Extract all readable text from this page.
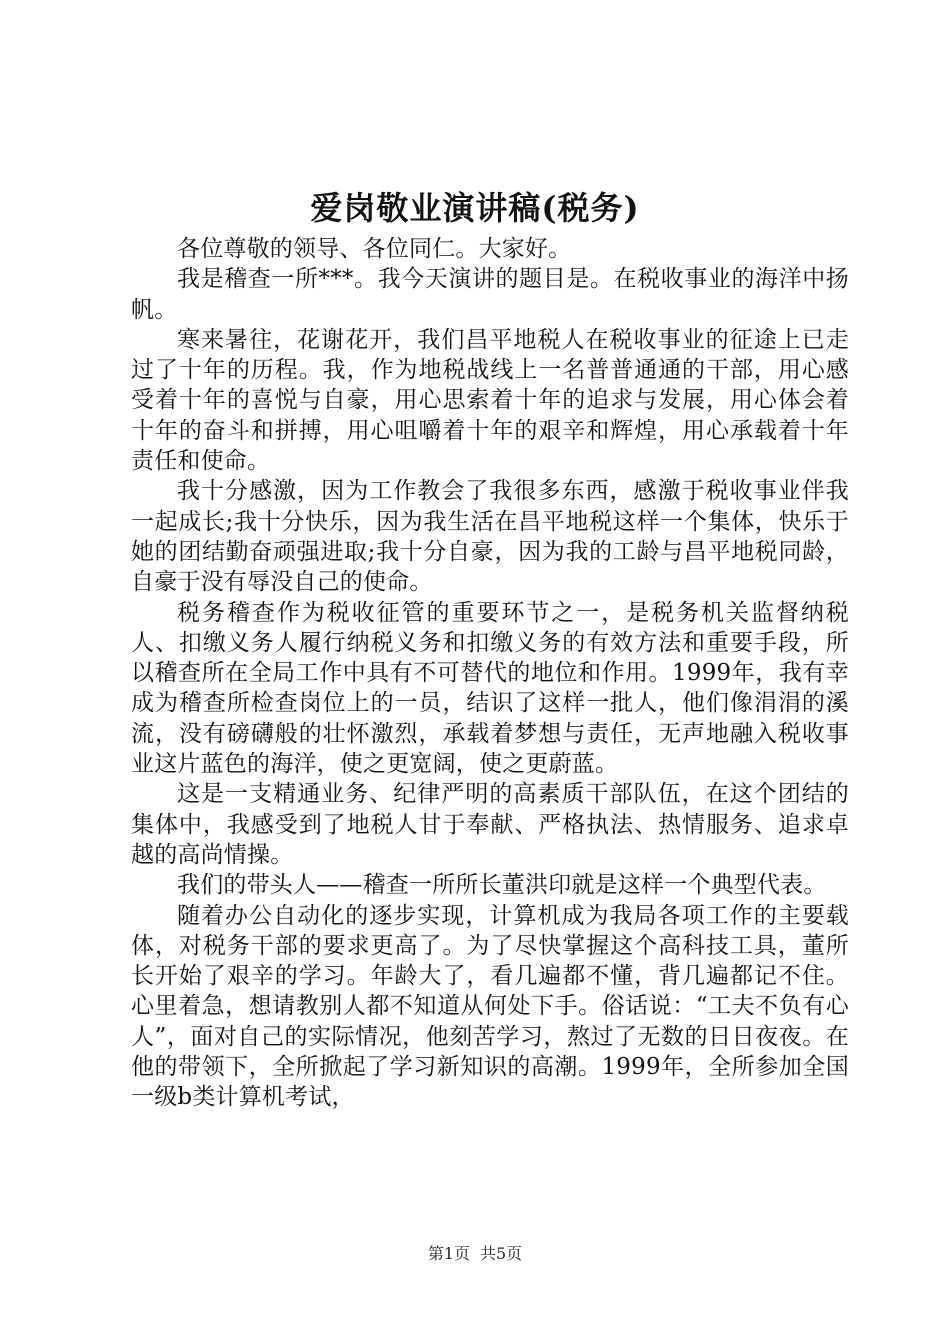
爱岗敬业演讲稿(税务)

各位尊敬的领导、各位同仁。大家好。

我是稽查一所***。我今天演讲的题目是。在税收事业的海洋中扬帆。

寒来暑往，花谢花开，我们昌平地税人在税收事业的征途上已走过了十年的历程。我，作为地税战线上一名普普通通的干部，用心感受着十年的喜悦与自豪，用心思索着十年的追求与发展，用心体会着十年的奋斗和拼搏，用心咀嚼着十年的艰辛和辉煌，用心承载着十年责任和使命。

我十分感激，因为工作教会了我很多东西，感激于税收事业伴我一起成长;我十分快乐，因为我生活在昌平地税这样一个集体，快乐于她的团结勤奋顽强进取;我十分自豪，因为我的工龄与昌平地税同龄，自豪于没有辱没自己的使命。

税务稽查作为税收征管的重要环节之一，是税务机关监督纳税人、扣缴义务人履行纳税义务和扣缴义务的有效方法和重要手段，所以稽查所在全局工作中具有不可替代的地位和作用。1999年，我有幸成为稽查所检查岗位上的一员，结识了这样一批人，他们像涓涓的溪流，没有磅礴般的壮怀激烈，承载着梦想与责任，无声地融入税收事业这片蓝色的海洋，使之更宽阔，使之更蔚蓝。

这是一支精通业务、纪律严明的高素质干部队伍，在这个团结的集体中，我感受到了地税人甘于奉献、严格执法、热情服务、追求卓越的高尚情操。

我们的带头人——稽查一所所长董洪印就是这样一个典型代表。

随着办公自动化的逐步实现，计算机成为我局各项工作的主要载体，对税务干部的要求更高了。为了尽快掌握这个高科技工具，董所长开始了艰辛的学习。年龄大了，看几遍都不懂，背几遍都记不住。心里着急，想请教别人都不知道从何处下手。俗话说：“工夫不负有心人”，面对自己的实际情况，他刻苦学习，熬过了无数的日日夜夜。在他的带领下，全所掀起了学习新知识的高潮。1999年，全所参加全国一级b类计算机考试，

第1页 共5页
